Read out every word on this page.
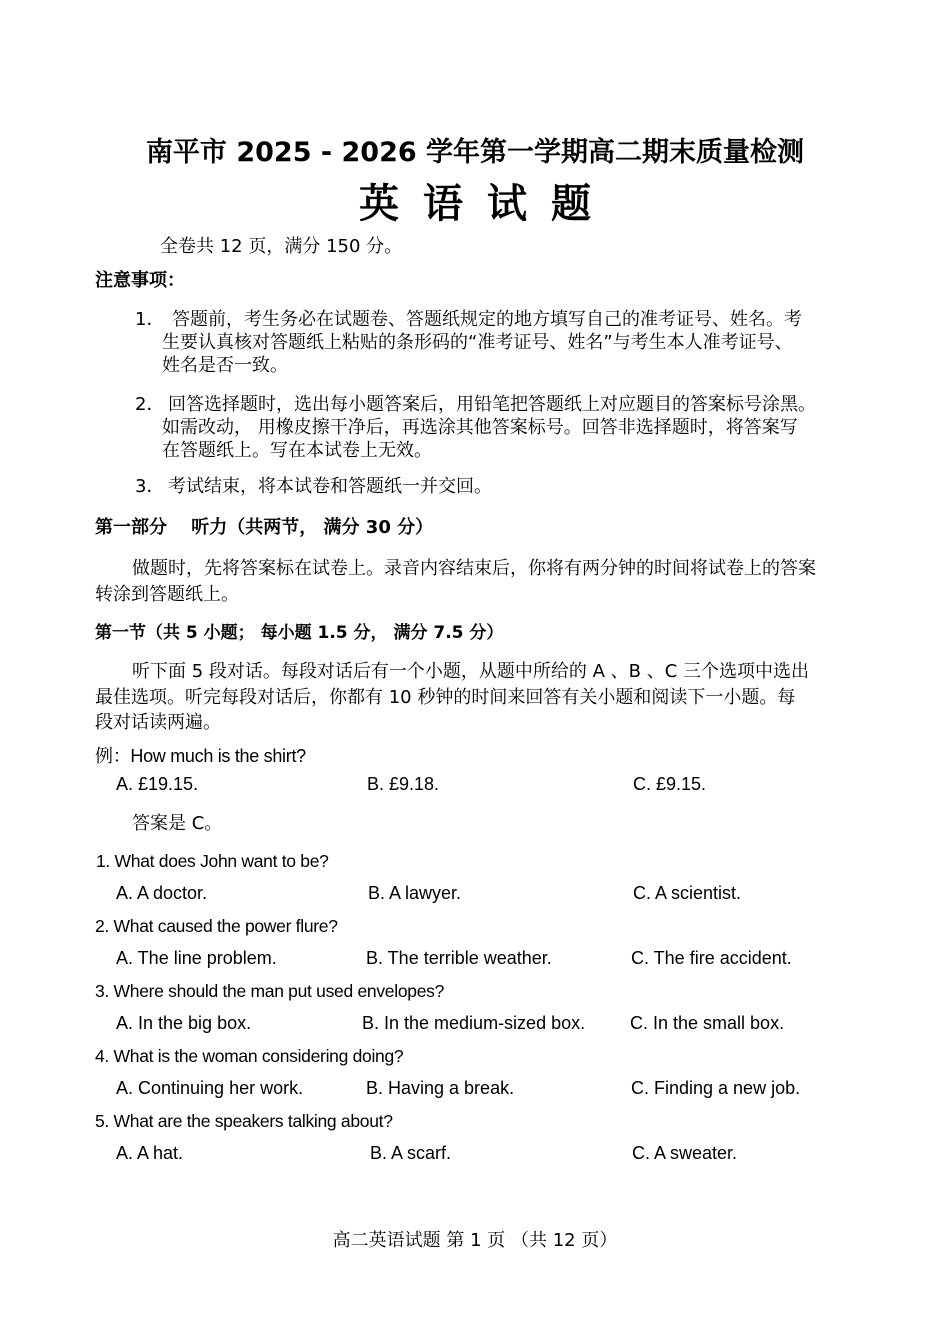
南平市 2025 - 2026 学年第一学期高二期末质量检测
英语试题
全卷共 12 页，满分 150 分。
注意事项：
1． 答题前，考生务必在试题卷、答题纸规定的地方填写自己的准考证号、姓名。考
生要认真核对答题纸上粘贴的条形码的“准考证号、姓名”与考生本人准考证号、
姓名是否一致。
2． 回答选择题时，选出每小题答案后，用铅笔把答题纸上对应题目的答案标号涂黑。
如需改动， 用橡皮擦干净后，再选涂其他答案标号。回答非选择题时，将答案写
在答题纸上。写在本试卷上无效。
3． 考试结束，将本试卷和答题纸一并交回。
第一部分　 听力（共两节， 满分 30 分）
做题时，先将答案标在试卷上。录音内容结束后，你将有两分钟的时间将试卷上的答案
转涂到答题纸上。
第一节（共 5 小题； 每小题 1.5 分， 满分 7.5 分）
听下面 5 段对话。每段对话后有一个小题，从题中所给的 A 、B 、C 三个选项中选出
最佳选项。听完每段对话后，你都有 10 秒钟的时间来回答有关小题和阅读下一小题。每
段对话读两遍。
例：How much is the shirt?
A. £19.15.	B. £9.18.	C. £9.15.
答案是 C。
1. What does John want to be?
A. A doctor.	B. A lawyer.	C. A scientist.
2. What caused the power flure?
A. The line problem.	B. The terrible weather.	C. The fire accident.
3. Where should the man put used envelopes?
A. In the big box.	B. In the medium-sized box. C. In the small box.
4. What is the woman considering doing?
A. Continuing her work.	B. Having a break.	C. Finding a new job.
5. What are the speakers talking about?
A. A hat.	B. A scarf.	C. A sweater.
高二英语试题 第 1 页 （共 12 页）
